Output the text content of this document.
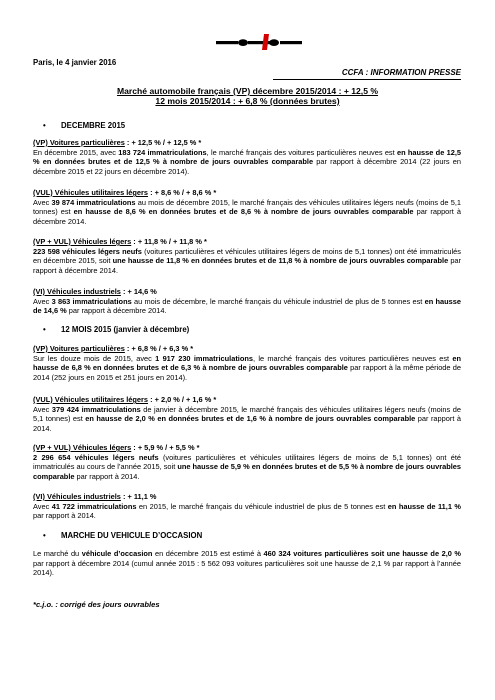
Paris, le 4 janvier 2016
CCFA : INFORMATION PRESSE
Marché automobile français (VP) décembre 2015/2014 : + 12,5 %
12 mois 2015/2014 : + 6,8 % (données brutes)
• DECEMBRE 2015
(VP) Voitures particulières : + 12,5 % / + 12,5 % *
En décembre 2015, avec 183 724 immatriculations, le marché français des voitures particulières neuves est en hausse de 12,5 % en données brutes et de 12,5 % à nombre de jours ouvrables comparable par rapport à décembre 2014 (22 jours en décembre 2015 et 22 jours en décembre 2014).
(VUL) Véhicules utilitaires légers : + 8,6 % / + 8,6 % *
Avec 39 874 immatriculations au mois de décembre 2015, le marché français des véhicules utilitaires légers neufs (moins de 5,1 tonnes) est en hausse de 8,6 % en données brutes et de 8,6 % à nombre de jours ouvrables comparable par rapport à décembre 2014.
(VP + VUL) Véhicules légers : + 11,8 % / + 11,8 % *
223 598 véhicules légers neufs (voitures particulières et véhicules utilitaires légers de moins de 5,1 tonnes) ont été immatriculés en décembre 2015, soit une hausse de 11,8 % en données brutes et de 11,8 % à nombre de jours ouvrables comparable par rapport à décembre 2014.
(VI) Véhicules industriels : + 14,6 %
Avec 3 863 immatriculations au mois de décembre, le marché français du véhicule industriel de plus de 5 tonnes est en hausse de 14,6 % par rapport à décembre 2014.
• 12 MOIS 2015 (janvier à décembre)
(VP) Voitures particulières : + 6,8 % / + 6,3 % *
Sur les douze mois de 2015, avec 1 917 230 immatriculations, le marché français des voitures particulières neuves est en hausse de 6,8 % en données brutes et de 6,3 % à nombre de jours ouvrables comparable par rapport à la même période de 2014 (252 jours en 2015 et 251 jours en 2014).
(VUL) Véhicules utilitaires légers : + 2,0 % / + 1,6 % *
Avec 379 424 immatriculations de janvier à décembre 2015, le marché français des véhicules utilitaires légers neufs (moins de 5,1 tonnes) est en hausse de 2,0 % en données brutes et de 1,6 % à nombre de jours ouvrables comparable par rapport à 2014.
(VP + VUL) Véhicules légers : + 5,9 % / + 5,5 % *
2 296 654 véhicules légers neufs (voitures particulières et véhicules utilitaires légers de moins de 5,1 tonnes) ont été immatriculés au cours de l’année 2015, soit une hausse de 5,9 % en données brutes et de 5,5 % à nombre de jours ouvrables comparable par rapport à 2014.
(VI) Véhicules industriels : + 11,1 %
Avec 41 722 immatriculations en 2015, le marché français du véhicule industriel de plus de 5 tonnes est en hausse de 11,1 % par rapport à 2014.
• MARCHE DU VEHICULE D’OCCASION
Le marché du véhicule d’occasion en décembre 2015 est estimé à 460 324 voitures particulières soit une hausse de 2,0 % par rapport à décembre 2014 (cumul année 2015 : 5 562 093 voitures particulières soit une hausse de 2,1 % par rapport à l’année 2014).
*c.j.o. : corrigé des jours ouvrables
